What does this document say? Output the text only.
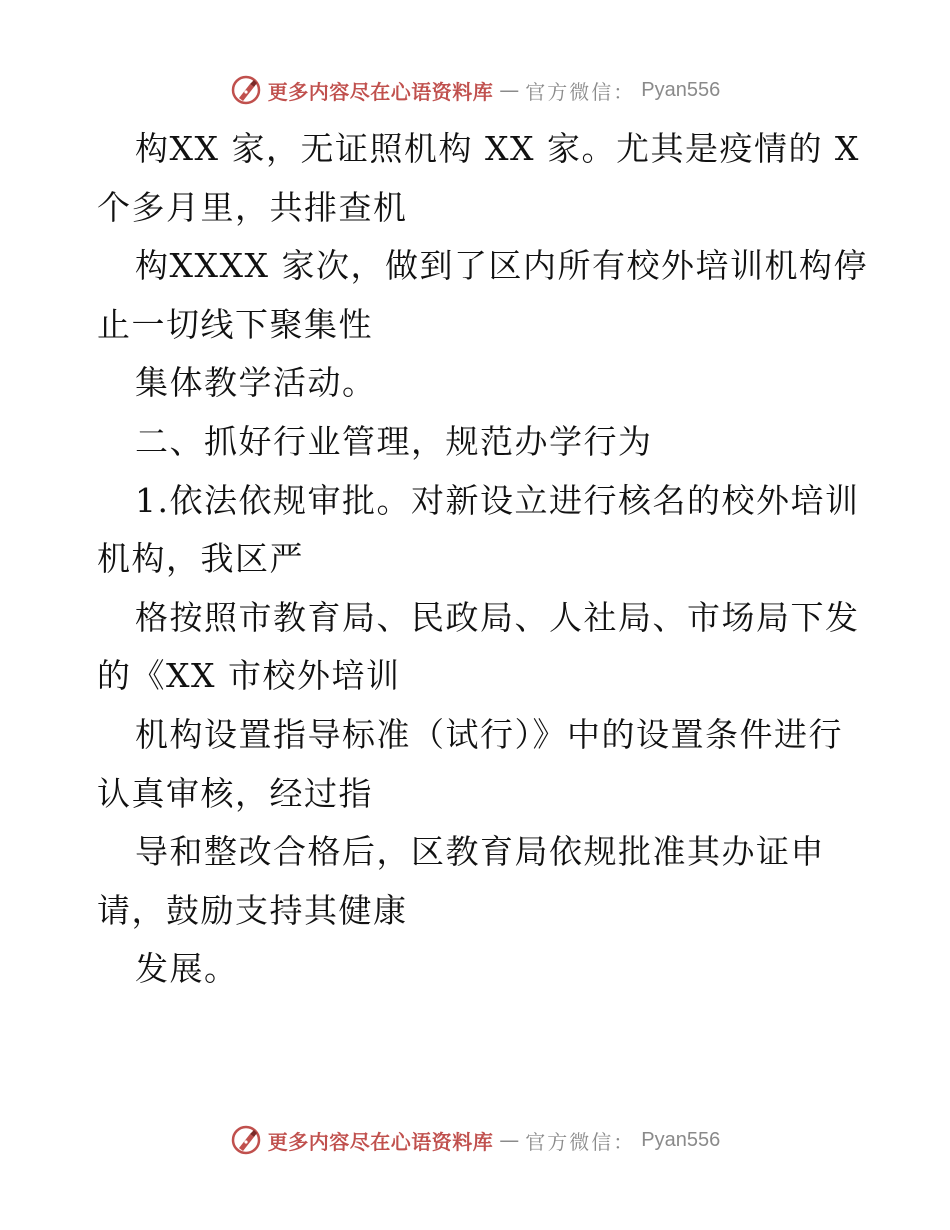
更多内容尽在心语资料库 — 官方微信： Pyan556
构XX 家，无证照机构 XX 家。尤其是疫情的 X
个多月里，共排查机
构XXXX 家次，做到了区内所有校外培训机构停
止一切线下聚集性
集体教学活动。
二、抓好行业管理，规范办学行为
1.依法依规审批。对新设立进行核名的校外培训
机构，我区严
格按照市教育局、民政局、人社局、市场局下发
的《XX 市校外培训
机构设置指导标准（试行）》中的设置条件进行
认真审核，经过指
导和整改合格后，区教育局依规批准其办证申
请，鼓励支持其健康
发展。
更多内容尽在心语资料库 — 官方微信： Pyan556
